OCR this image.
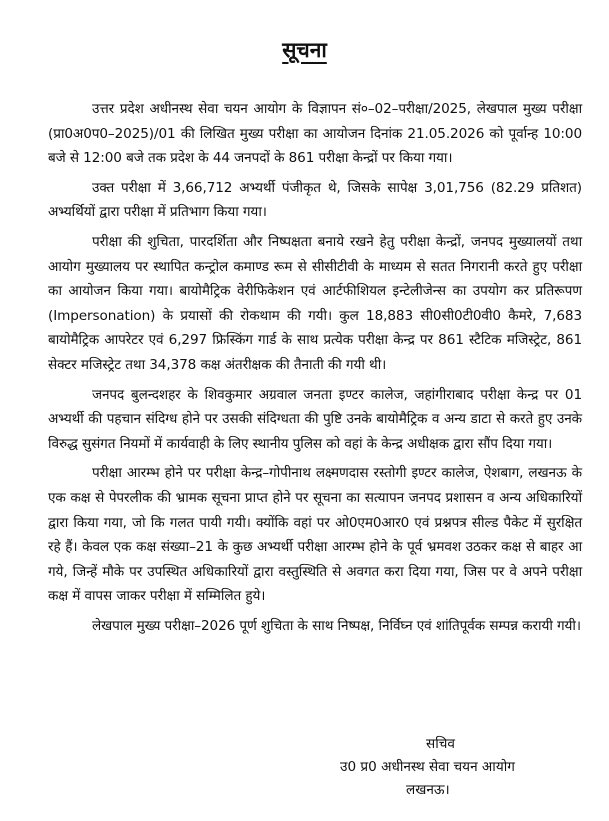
सूचना

उत्तर प्रदेश अधीनस्थ सेवा चयन आयोग के विज्ञापन सं०–02–परीक्षा/2025, लेखपाल मुख्य परीक्षा (प्रा0अ0प0–2025)/01 की लिखित मुख्य परीक्षा का आयोजन दिनांक 21.05.2026 को पूर्वान्ह 10:00 बजे से 12:00 बजे तक प्रदेश के 44 जनपदों के 861 परीक्षा केन्द्रों पर किया गया।

उक्त परीक्षा में 3,66,712 अभ्यर्थी पंजीकृत थे, जिसके सापेक्ष 3,01,756 (82.29 प्रतिशत) अभ्यर्थियों द्वारा परीक्षा में प्रतिभाग किया गया।

परीक्षा की शुचिता, पारदर्शिता और निष्पक्षता बनाये रखने हेतु परीक्षा केन्द्रों, जनपद मुख्यालयों तथा आयोग मुख्यालय पर स्थापित कन्ट्रोल कमाण्ड रूम से सीसीटीवी के माध्यम से सतत निगरानी करते हुए परीक्षा का आयोजन किया गया। बायोमैट्रिक वेरीफिकेशन एवं आर्टफीशियल इन्टेलीजेन्स का उपयोग कर प्रतिरूपण (Impersonation) के प्रयासों की रोकथाम की गयी। कुल 18,883 सी0सी0टी0वी0 कैमरे, 7,683 बायोमैट्रिक आपरेटर एवं 6,297 फ्रिस्किंग गार्ड के साथ प्रत्येक परीक्षा केन्द्र पर 861 स्टैटिक मजिस्ट्रेट, 861 सेक्टर मजिस्ट्रेट तथा 34,378 कक्ष अंतरीक्षक की तैनाती की गयी थी।

जनपद बुलन्दशहर के शिवकुमार अग्रवाल जनता इण्टर कालेज, जहांगीराबाद परीक्षा केन्द्र पर 01 अभ्यर्थी की पहचान संदिग्ध होने पर उसकी संदिग्धता की पुष्टि उनके बायोमैट्रिक व अन्य डाटा से करते हुए उनके विरुद्ध सुसंगत नियमों में कार्यवाही के लिए स्थानीय पुलिस को वहां के केन्द्र अधीक्षक द्वारा सौंप दिया गया।

परीक्षा आरम्भ होने पर परीक्षा केन्द्र–गोपीनाथ लक्ष्मणदास रस्तोगी इण्टर कालेज, ऐशबाग, लखनऊ के एक कक्ष से पेपरलीक की भ्रामक सूचना प्राप्त होने पर सूचना का सत्यापन जनपद प्रशासन व अन्य अधिकारियों द्वारा किया गया, जो कि गलत पायी गयी। क्योंकि वहां पर ओ0एम0आर0 एवं प्रश्नपत्र सील्ड पैकेट में सुरक्षित रहे हैं। केवल एक कक्ष संख्या–21 के कुछ अभ्यर्थी परीक्षा आरम्भ होने के पूर्व भ्रमवश उठकर कक्ष से बाहर आ गये, जिन्हें मौके पर उपस्थित अधिकारियों द्वारा वस्तुस्थिति से अवगत करा दिया गया, जिस पर वे अपने परीक्षा कक्ष में वापस जाकर परीक्षा में सम्मिलित हुये।

लेखपाल मुख्य परीक्षा–2026 पूर्ण शुचिता के साथ निष्पक्ष, निर्विघ्न एवं शांतिपूर्वक सम्पन्न करायी गयी।

सचिव
उ0 प्र0 अधीनस्थ सेवा चयन आयोग
लखनऊ।
